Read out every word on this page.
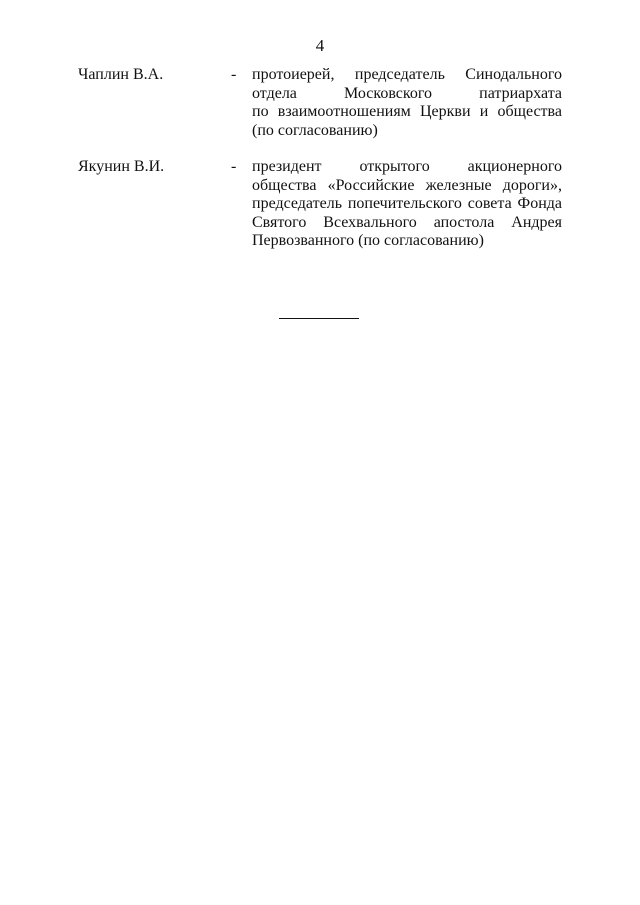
4
Чаплин В.А.	- протоиерей, председатель Синодального
отдела Московского патриархата
по взаимоотношениям Церкви и общества
(по согласованию)
Якунин В.И.	- президент открытого акционерного
общества «Российские железные дороги»,
председатель попечительского совета Фонда
Святого Всехвального апостола Андрея
Первозванного (по согласованию)
